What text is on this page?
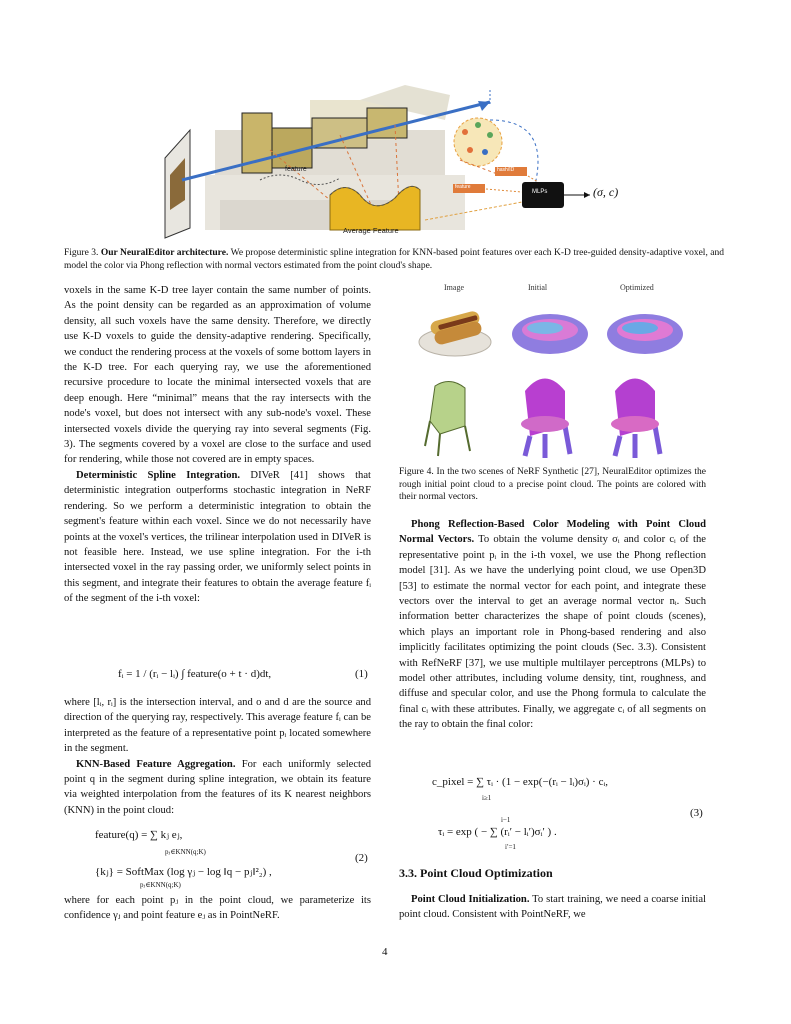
feature	hash/ID
feature
MLPs	(σ, c)
Average Feature
Figure 3. Our NeuralEditor architecture. We propose deterministic spline integration for KNN-based point features over each K-D tree-guided density-adaptive voxel, and model the color via Phong reflection with normal vectors estimated from the point cloud's shape.

voxels in the same K-D tree layer contain the same number of points. As the point density can be regarded as an approximation of volume density, all such voxels have the same density. Therefore, we directly use K-D voxels to guide the density-adaptive rendering. Specifically, we conduct the rendering process at the voxels of some bottom layers in the K-D tree. For each querying ray, we use the aforementioned recursive procedure to locate the minimal intersected voxels that are deep enough. Here “minimal” means that the ray intersects with the node's voxel, but does not intersect with any sub-node's voxel. These intersected voxels divide the querying ray into several segments (Fig. 3). The segments covered by a voxel are close to the surface and used for rendering, while those not covered are in empty spaces.

Deterministic Spline Integration. DIVeR [41] shows that deterministic integration outperforms stochastic integration in NeRF rendering. So we perform a deterministic integration to obtain the segment's feature within each voxel. Since we do not necessarily have points at the voxel's vertices, the trilinear interpolation used in DIVeR is not feasible here. Instead, we use spline integration. For the i-th intersected voxel in the ray passing order, we uniformly select points in this segment, and integrate their features to obtain the average feature fᵢ of the segment of the i-th voxel:

fᵢ = 1 / (rᵢ − lᵢ) ∫ feature(o + t · d)dt,	(1)

where [lᵢ, rᵢ] is the intersection interval, and o and d are the source and direction of the querying ray, respectively. This average feature fᵢ can be interpreted as the feature of a representative point pᵢ located somewhere in the segment.

KNN-Based Feature Aggregation. For each uniformly selected point q in the segment during spline integration, we obtain its feature via weighted interpolation from the features of its K nearest neighbors (KNN) in the point cloud:

feature(q) = ∑ kⱼ eⱼ,
pⱼ∈KNN(q;K)
{kⱼ} = SoftMax (log γⱼ − log ‖q − pⱼ‖²₂) ,
pⱼ∈KNN(q;K)
(2)
where for each point pⱼ in the point cloud, we parameterize its confidence γⱼ and point feature eⱼ as in PointNeRF.
Image	Initial	Optimized
Figure 4. In the two scenes of NeRF Synthetic [27], NeuralEditor optimizes the rough initial point cloud to a precise point cloud. The points are colored with their normal vectors.

Phong Reflection-Based Color Modeling with Point Cloud Normal Vectors. To obtain the volume density σᵢ and color cᵢ of the representative point pᵢ in the i-th voxel, we use the Phong reflection model [31]. As we have the underlying point cloud, we use Open3D [53] to estimate the normal vector for each point, and integrate these vectors over the interval to get an average normal vector nᵢ. Such information better characterizes the shape of point clouds (scenes), which plays an important role in Phong-based rendering and also implicitly facilitates optimizing the point clouds (Sec. 3.3). Consistent with RefNeRF [37], we use multiple multilayer perceptrons (MLPs) to model other attributes, including volume density, tint, roughness, and diffuse and specular color, and use the Phong formula to calculate the final cᵢ with these attributes. Finally, we aggregate cᵢ of all segments on the ray to obtain the final color:

c_pixel = ∑ τᵢ · (1 − exp(−(rᵢ − lᵢ)σᵢ) · cᵢ,
i≥1
(3)
i−1
τᵢ = exp ( − ∑ (rᵢ′ − lᵢ′)σᵢ′ ) .
i′=1
3.3. Point Cloud Optimization

Point Cloud Initialization. To start training, we need a coarse initial point cloud. Consistent with PointNeRF, we

4
